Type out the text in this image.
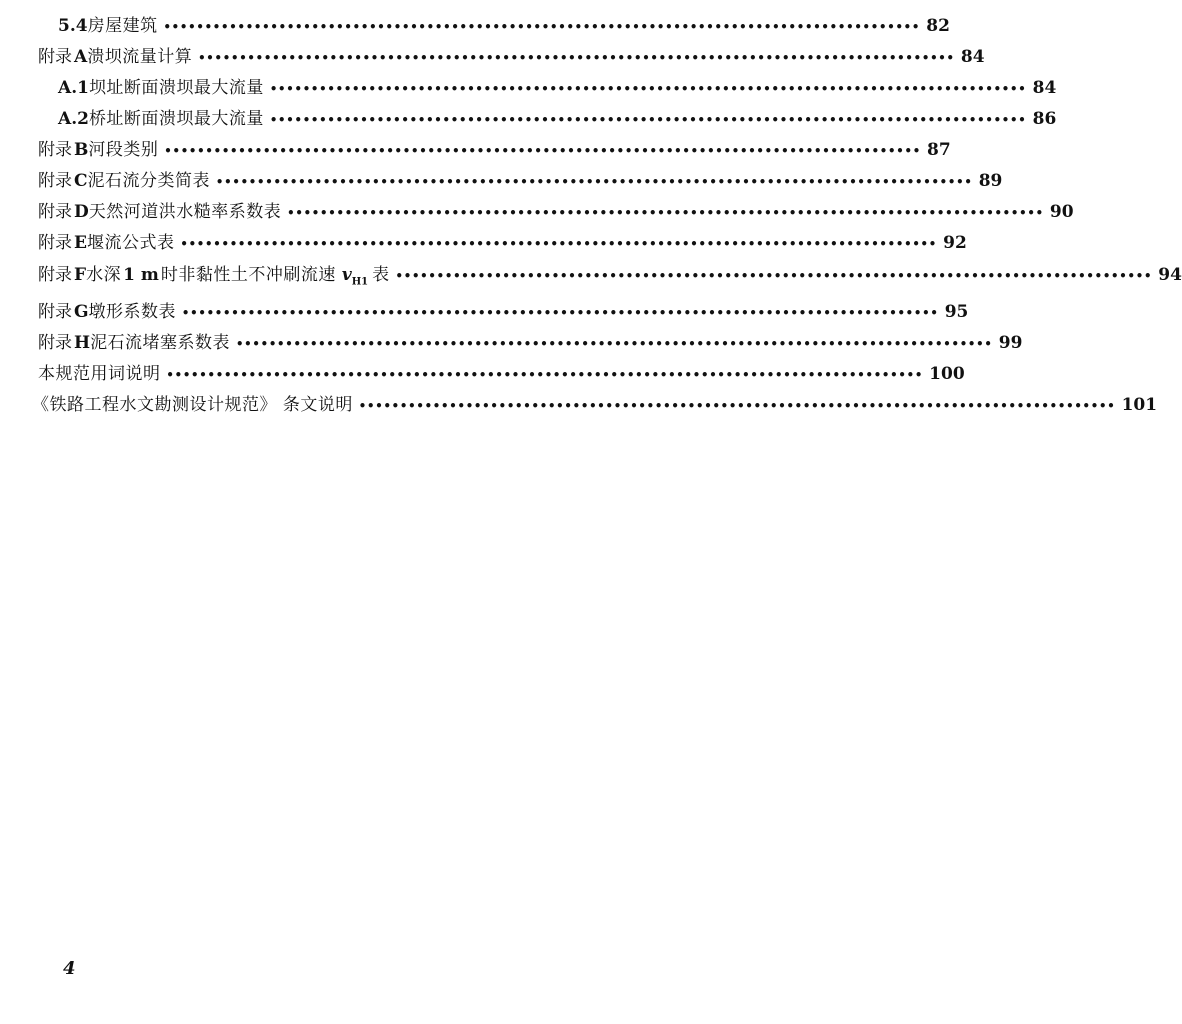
5.4 房屋建筑 •••••••••••••••••••••••••••••••••••••••••••••••••••••••••••••••••••••••••••••••••••••••••••• 82
附录 A 溃坝流量计算 •••••••••••••••••••••••••••••••••••••••••••••••••••••••••••••••••••••••••••••••••••••••••••• 84
A.1 坝址断面溃坝最大流量 •••••••••••••••••••••••••••••••••••••••••••••••••••••••••••••••••••••••••••••••••••••••••••• 84
A.2 桥址断面溃坝最大流量 •••••••••••••••••••••••••••••••••••••••••••••••••••••••••••••••••••••••••••••••••••••••••••• 86
附录 B 河段类别 •••••••••••••••••••••••••••••••••••••••••••••••••••••••••••••••••••••••••••••••••••••••••••• 87
附录 C 泥石流分类简表 •••••••••••••••••••••••••••••••••••••••••••••••••••••••••••••••••••••••••••••••••••••••••••• 89
附录 D 天然河道洪水糙率系数表 •••••••••••••••••••••••••••••••••••••••••••••••••••••••••••••••••••••••••••••••••••••••••••• 90
附录 E 堰流公式表 •••••••••••••••••••••••••••••••••••••••••••••••••••••••••••••••••••••••••••••••••••••••••••• 92
附录 F 水深 1 m 时非黏性土不冲刷流速 $v_{H1}$ 表 •••••••••••••••••••••••••••••••••••••••••••••••••••••••••••••••••••••••••••••••••••••••••••• 94
附录 G 墩形系数表 •••••••••••••••••••••••••••••••••••••••••••••••••••••••••••••••••••••••••••••••••••••••••••• 95
附录 H 泥石流堵塞系数表 •••••••••••••••••••••••••••••••••••••••••••••••••••••••••••••••••••••••••••••••••••••••••••• 99
本规范用词说明 •••••••••••••••••••••••••••••••••••••••••••••••••••••••••••••••••••••••••••••••••••••••••••• 100
《铁路工程水文勘测设计规范》 条文说明 •••••••••••••••••••••••••••••••••••••••••••••••••••••••••••••••••••••••••••••••••••••••••••• 101
4
